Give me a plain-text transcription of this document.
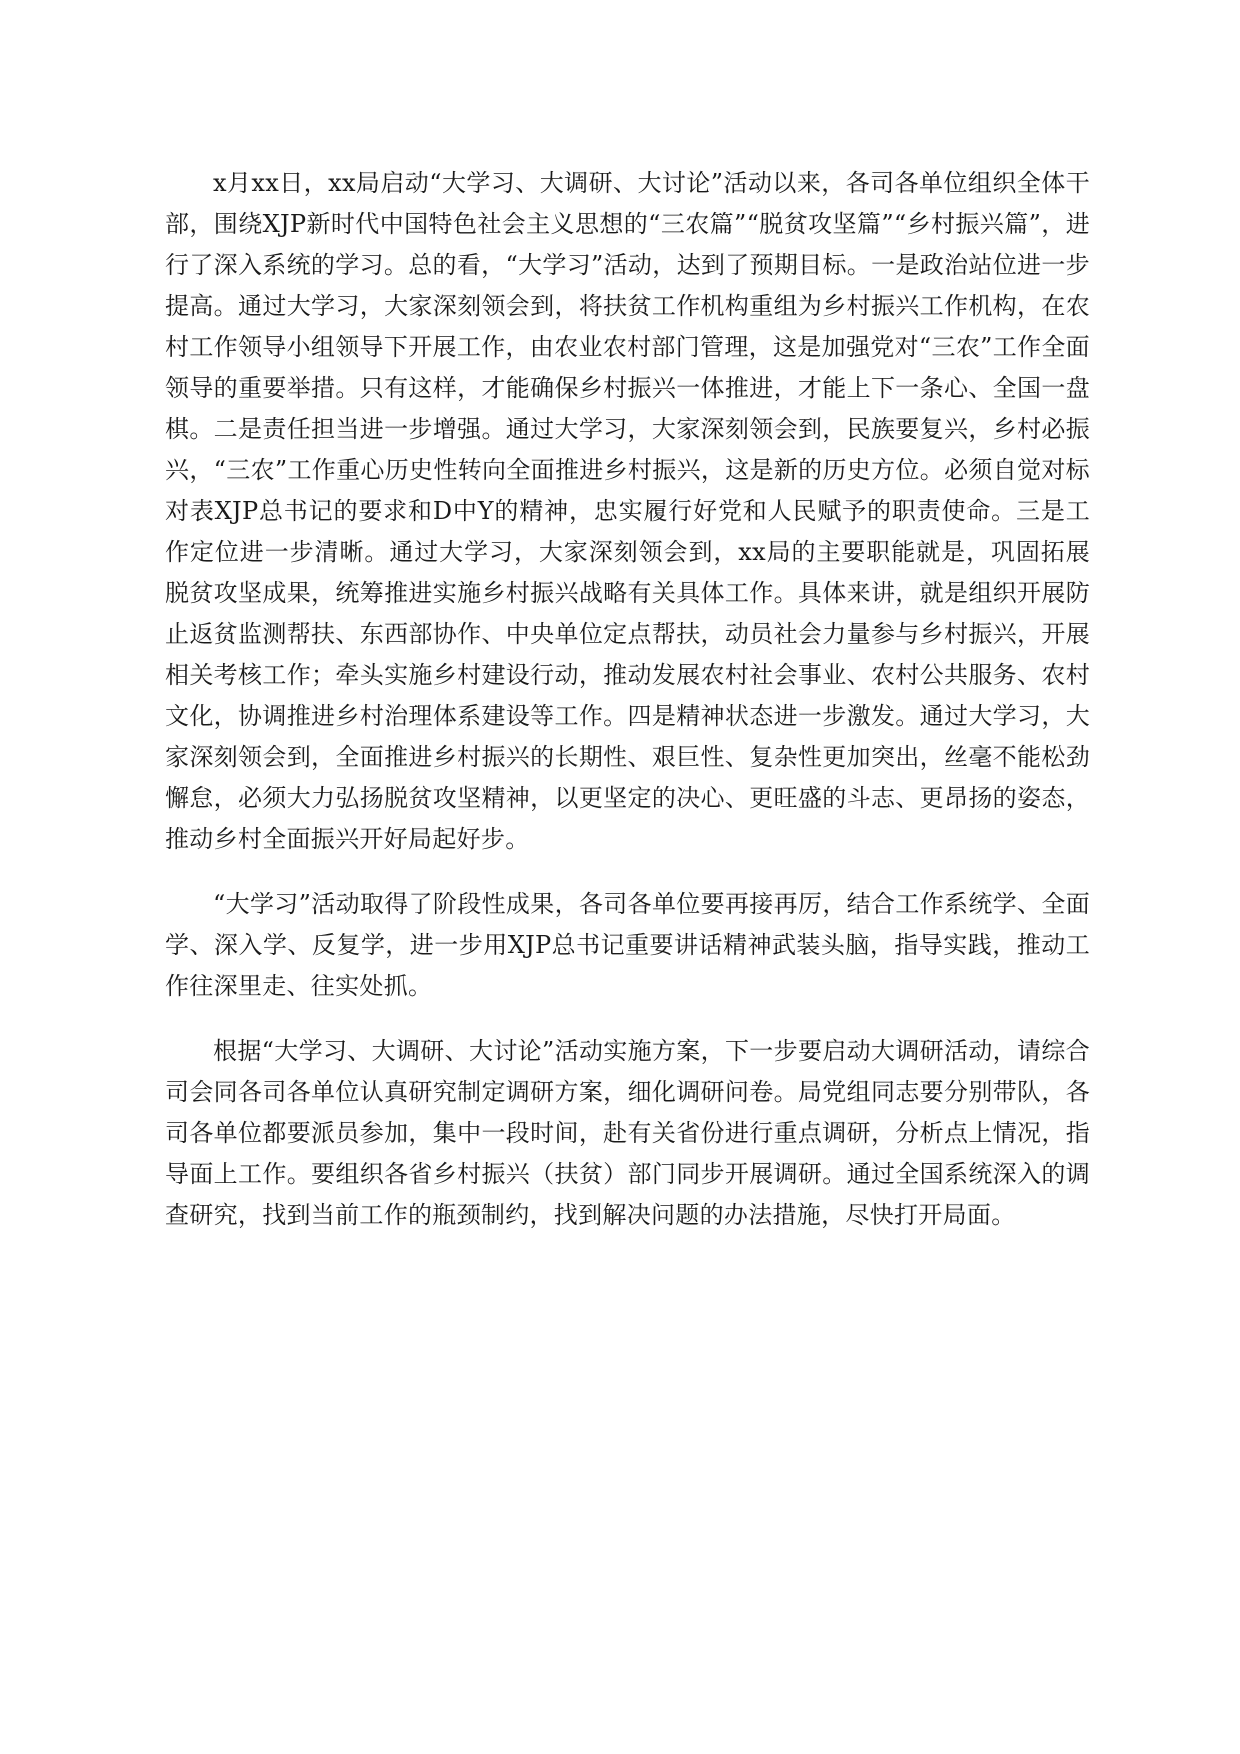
x月xx日，xx局启动“大学习、大调研、大讨论”活动以来，各司各单位组织全体干部，围绕XJP新时代中国特色社会主义思想的“三农篇”“脱贫攻坚篇”“乡村振兴篇”，进行了深入系统的学习。总的看，“大学习”活动，达到了预期目标。一是政治站位进一步提高。通过大学习，大家深刻领会到，将扶贫工作机构重组为乡村振兴工作机构，在农村工作领导小组领导下开展工作，由农业农村部门管理，这是加强党对“三农”工作全面领导的重要举措。只有这样，才能确保乡村振兴一体推进，才能上下一条心、全国一盘棋。二是责任担当进一步增强。通过大学习，大家深刻领会到，民族要复兴，乡村必振兴，“三农”工作重心历史性转向全面推进乡村振兴，这是新的历史方位。必须自觉对标对表XJP总书记的要求和D中Y的精神，忠实履行好党和人民赋予的职责使命。三是工作定位进一步清晰。通过大学习，大家深刻领会到，xx局的主要职能就是，巩固拓展脱贫攻坚成果，统筹推进实施乡村振兴战略有关具体工作。具体来讲，就是组织开展防止返贫监测帮扶、东西部协作、中央单位定点帮扶，动员社会力量参与乡村振兴，开展相关考核工作；牵头实施乡村建设行动，推动发展农村社会事业、农村公共服务、农村文化，协调推进乡村治理体系建设等工作。四是精神状态进一步激发。通过大学习，大家深刻领会到，全面推进乡村振兴的长期性、艰巨性、复杂性更加突出，丝毫不能松劲懈怠，必须大力弘扬脱贫攻坚精神，以更坚定的决心、更旺盛的斗志、更昂扬的姿态，推动乡村全面振兴开好局起好步。

“大学习”活动取得了阶段性成果，各司各单位要再接再厉，结合工作系统学、全面学、深入学、反复学，进一步用XJP总书记重要讲话精神武装头脑，指导实践，推动工作往深里走、往实处抓。

根据“大学习、大调研、大讨论”活动实施方案，下一步要启动大调研活动，请综合司会同各司各单位认真研究制定调研方案，细化调研问卷。局党组同志要分别带队，各司各单位都要派员参加，集中一段时间，赴有关省份进行重点调研，分析点上情况，指导面上工作。要组织各省乡村振兴（扶贫）部门同步开展调研。通过全国系统深入的调查研究，找到当前工作的瓶颈制约，找到解决问题的办法措施，尽快打开局面。
